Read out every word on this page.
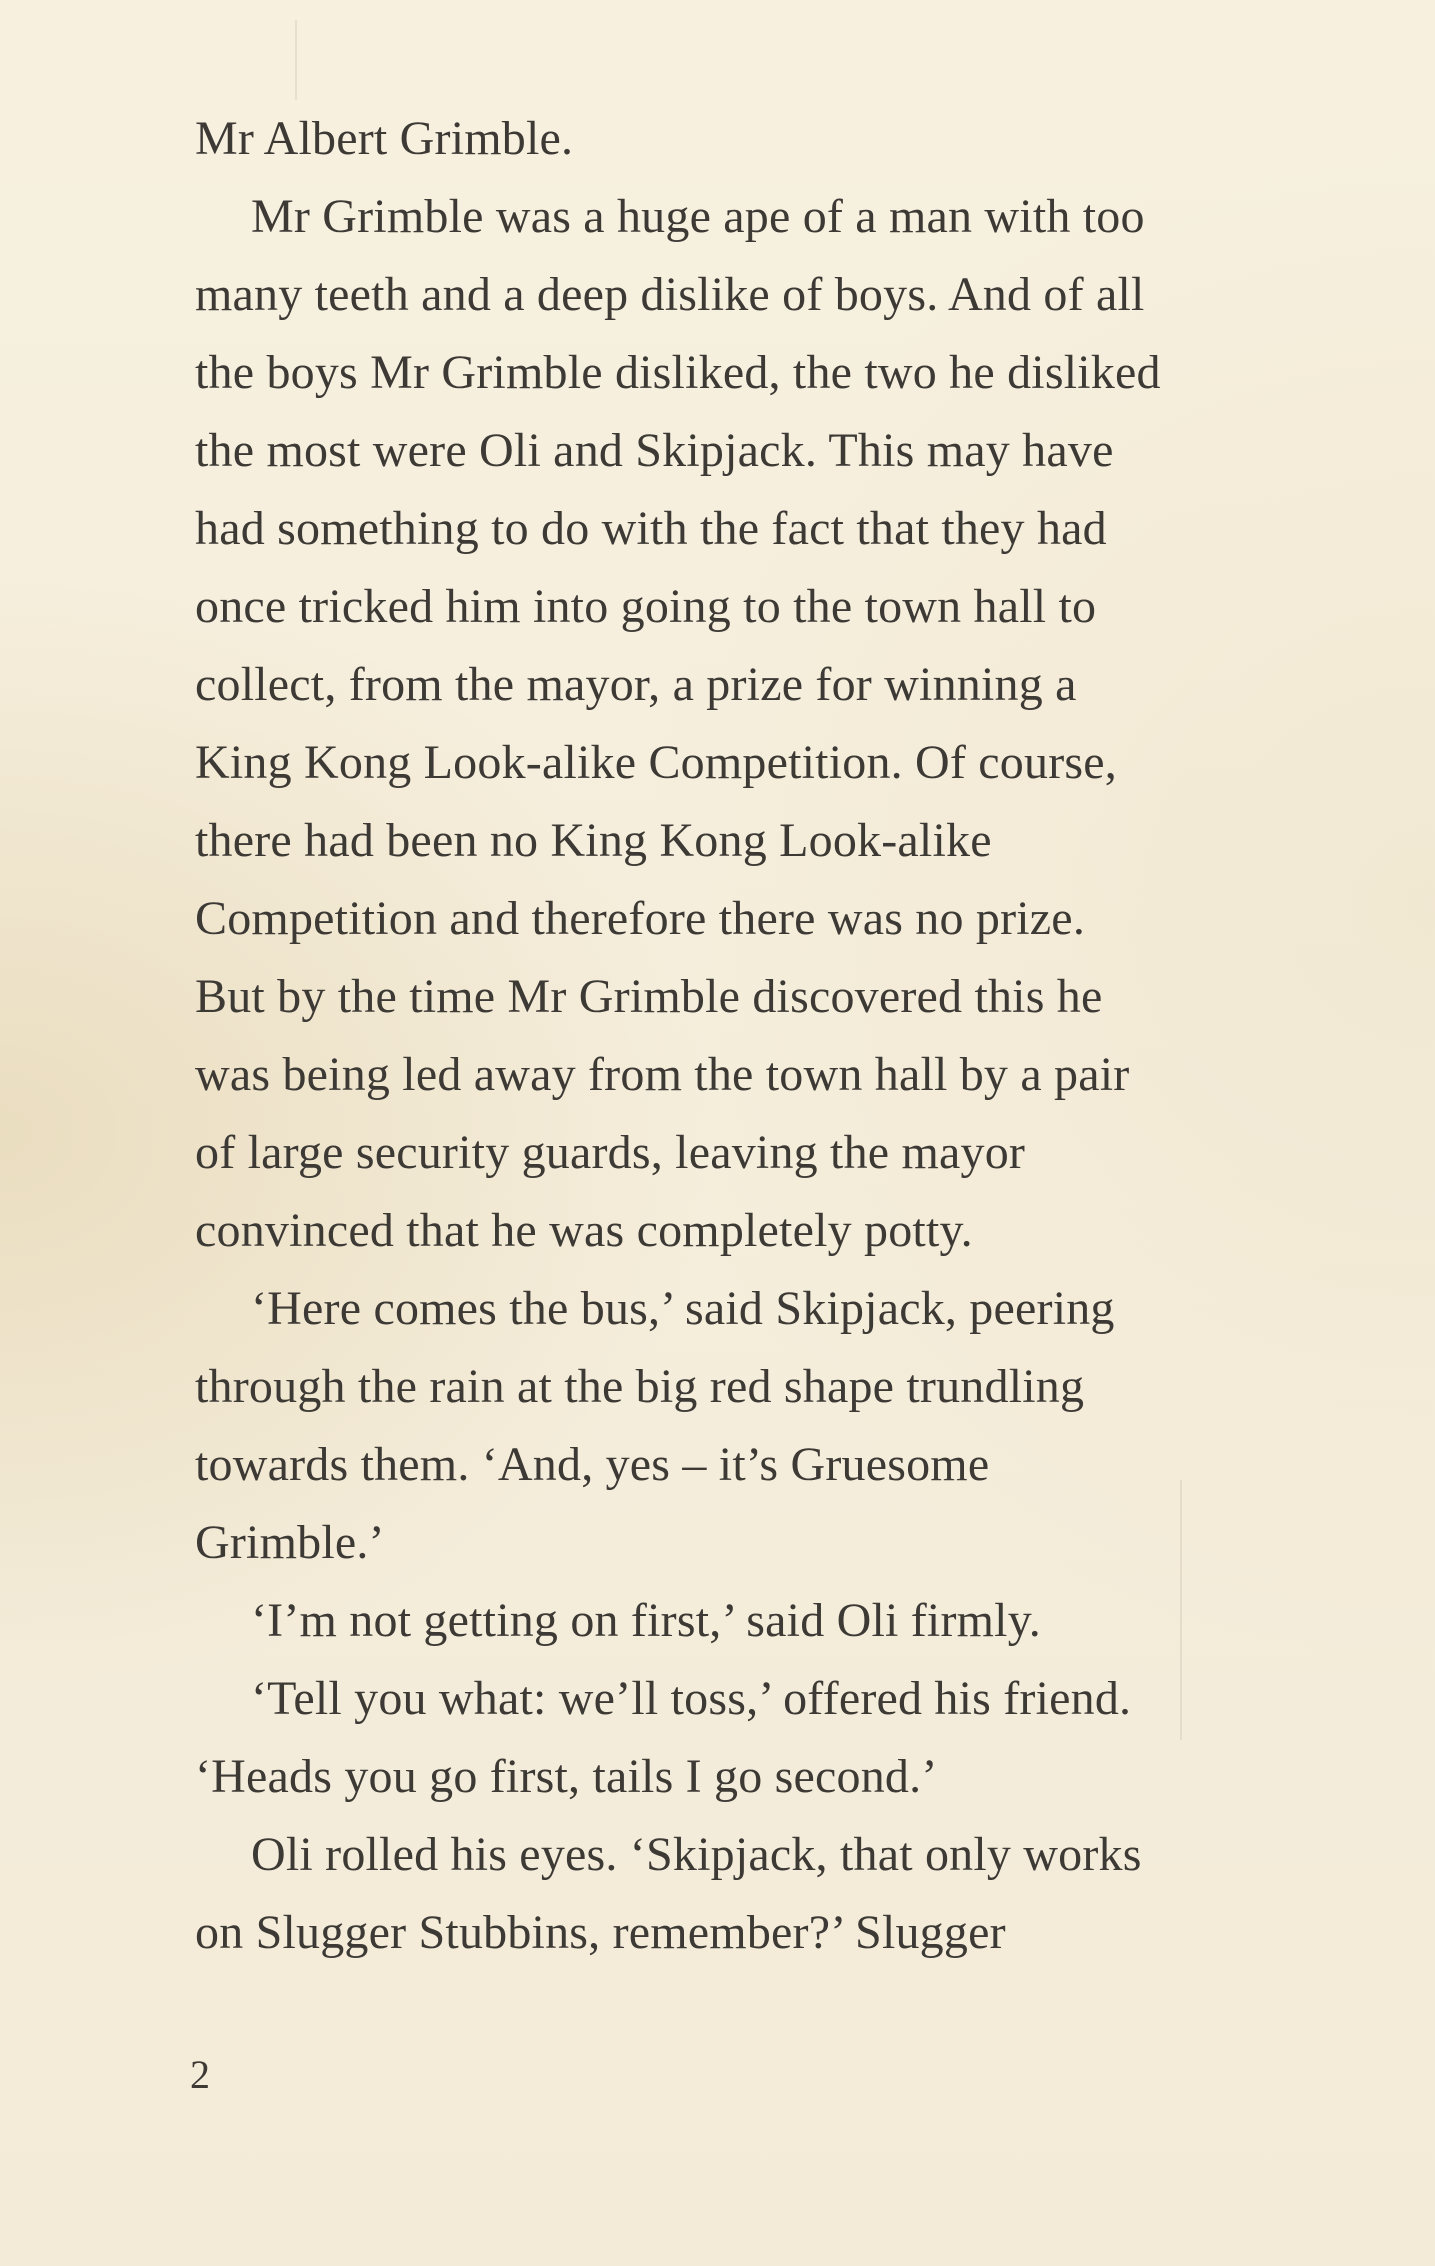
Mr Albert Grimble.
Mr Grimble was a huge ape of a man with too
many teeth and a deep dislike of boys. And of all
the boys Mr Grimble disliked, the two he disliked
the most were Oli and Skipjack. This may have
had something to do with the fact that they had
once tricked him into going to the town hall to
collect, from the mayor, a prize for winning a
King Kong Look-alike Competition. Of course,
there had been no King Kong Look-alike
Competition and therefore there was no prize.
But by the time Mr Grimble discovered this he
was being led away from the town hall by a pair
of large security guards, leaving the mayor
convinced that he was completely potty.
‘Here comes the bus,’ said Skipjack, peering
through the rain at the big red shape trundling
towards them. ‘And, yes – it’s Gruesome
Grimble.’
‘I’m not getting on first,’ said Oli firmly.
‘Tell you what: we’ll toss,’ offered his friend.
‘Heads you go first, tails I go second.’
Oli rolled his eyes. ‘Skipjack, that only works
on Slugger Stubbins, remember?’ Slugger
2
